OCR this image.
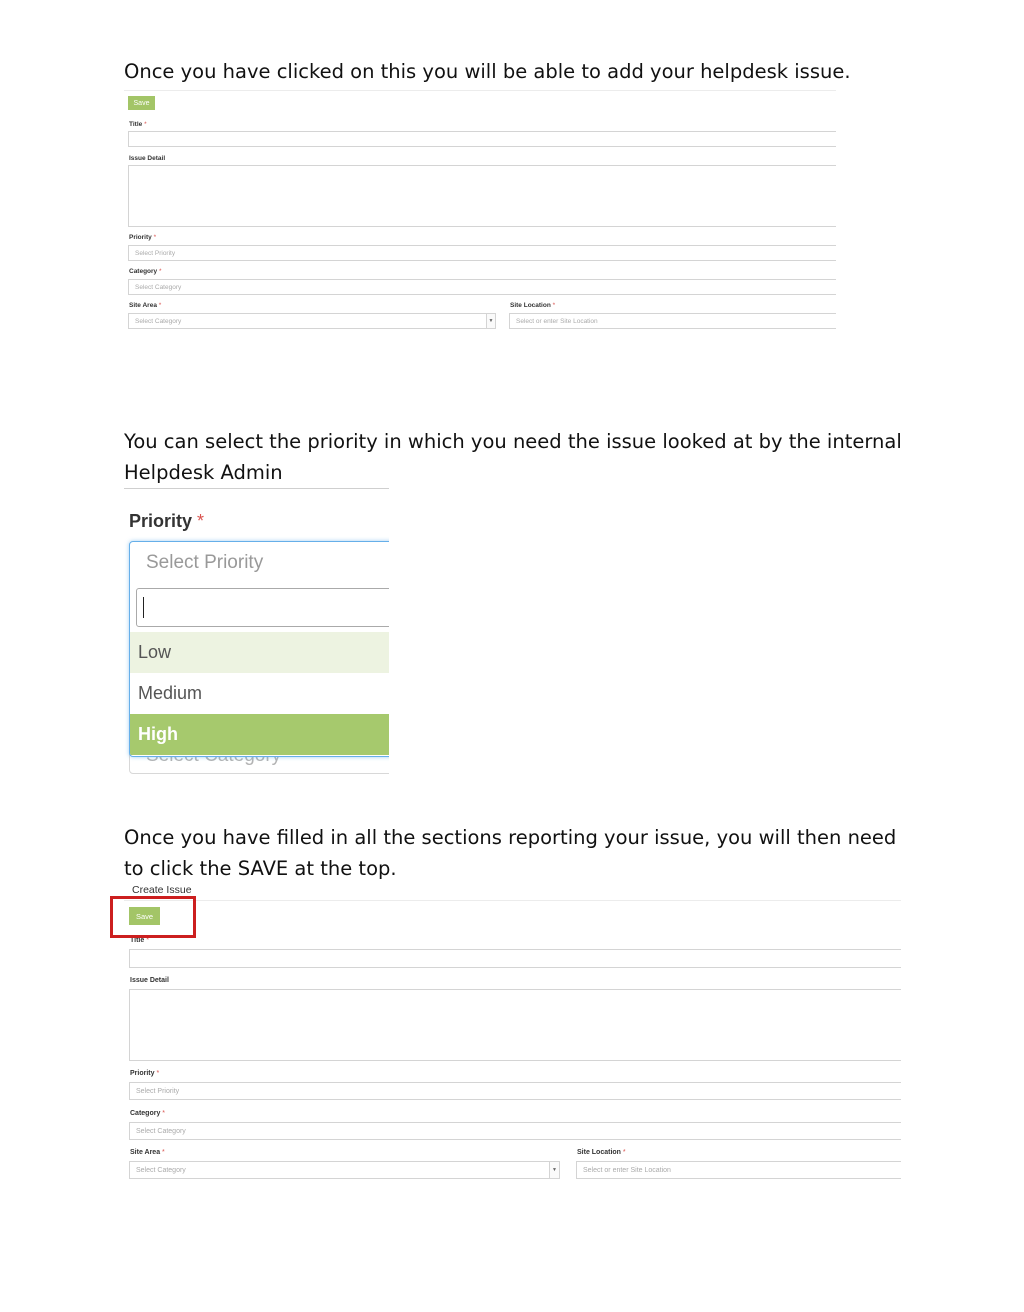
Once you have clicked on this you will be able to add your helpdesk issue.
Save
Title *
Issue Detail
Priority *
Select Priority
Category *
Select Category
Site Area *
Select Category	▼
Site Location *
Select or enter Site Location
You can select the priority in which you need the issue looked at by the internal Helpdesk Admin
Priority *
Select Priority
Low
Medium
High
Once you have filled in all the sections reporting your issue, you will then need to click the SAVE at the top.
Create Issue
Save
Title *
Issue Detail
Priority *
Select Priority
Category *
Select Category
Site Area *
Select Category	▼
Site Location *
Select or enter Site Location
